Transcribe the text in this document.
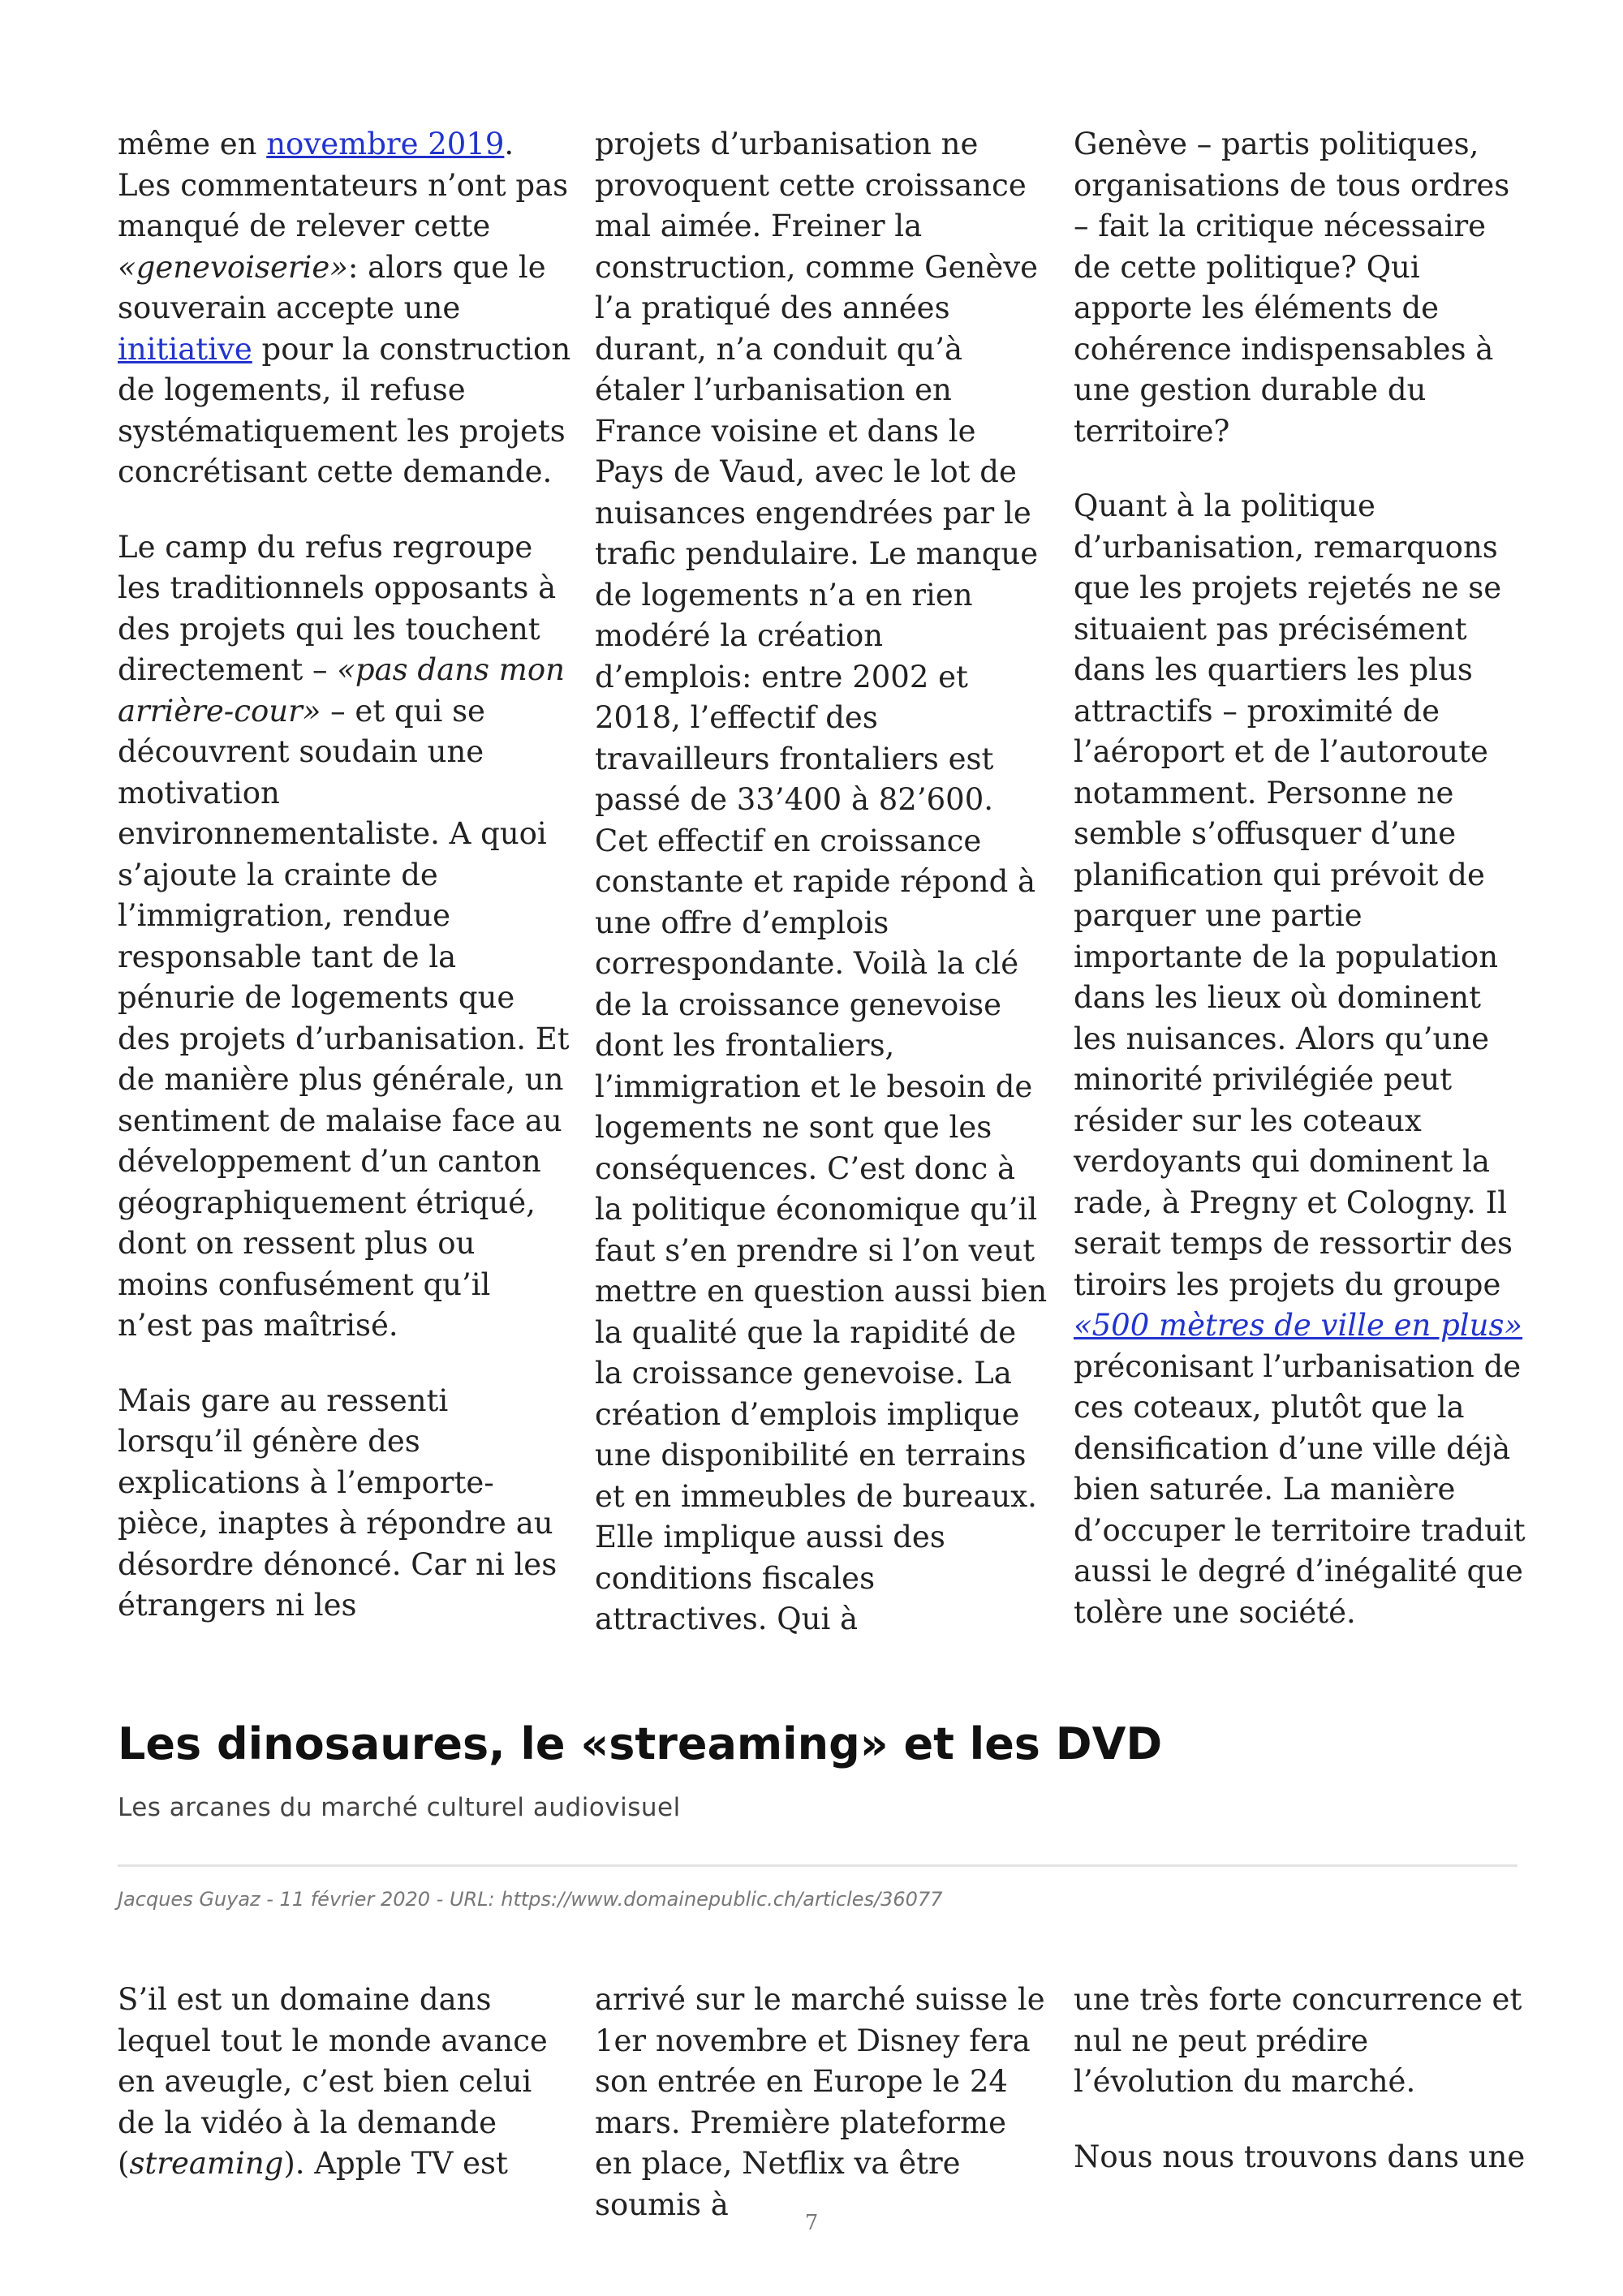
même en novembre 2019. Les commentateurs n’ont pas manqué de relever cette «genevoiserie»: alors que le souverain accepte une initiative pour la construction de logements, il refuse systématiquement les projets concrétisant cette demande.

Le camp du refus regroupe les traditionnels opposants à des projets qui les touchent directement – «pas dans mon arrière-cour» – et qui se découvrent soudain une motivation environnementaliste. A quoi s’ajoute la crainte de l’immigration, rendue responsable tant de la pénurie de logements que des projets d’urbanisation. Et de manière plus générale, un sentiment de malaise face au développement d’un canton géographiquement étriqué, dont on ressent plus ou moins confusément qu’il n’est pas maîtrisé.

Mais gare au ressenti lorsqu’il génère des explications à l’emporte-pièce, inaptes à répondre au désordre dénoncé. Car ni les étrangers ni les

projets d’urbanisation ne provoquent cette croissance mal aimée. Freiner la construction, comme Genève l’a pratiqué des années durant, n’a conduit qu’à étaler l’urbanisation en France voisine et dans le Pays de Vaud, avec le lot de nuisances engendrées par le trafic pendulaire. Le manque de logements n’a en rien modéré la création d’emplois: entre 2002 et 2018, l’effectif des travailleurs frontaliers est passé de 33’400 à 82’600. Cet effectif en croissance constante et rapide répond à une offre d’emplois correspondante. Voilà la clé de la croissance genevoise dont les frontaliers, l’immigration et le besoin de logements ne sont que les conséquences. C’est donc à la politique économique qu’il faut s’en prendre si l’on veut mettre en question aussi bien la qualité que la rapidité de la croissance genevoise. La création d’emplois implique une disponibilité en terrains et en immeubles de bureaux. Elle implique aussi des conditions fiscales attractives. Qui à

Genève – partis politiques, organisations de tous ordres – fait la critique nécessaire de cette politique? Qui apporte les éléments de cohérence indispensables à une gestion durable du territoire?

Quant à la politique d’urbanisation, remarquons que les projets rejetés ne se situaient pas précisément dans les quartiers les plus attractifs – proximité de l’aéroport et de l’autoroute notamment. Personne ne semble s’offusquer d’une planification qui prévoit de parquer une partie importante de la population dans les lieux où dominent les nuisances. Alors qu’une minorité privilégiée peut résider sur les coteaux verdoyants qui dominent la rade, à Pregny et Cologny. Il serait temps de ressortir des tiroirs les projets du groupe «500 mètres de ville en plus» préconisant l’urbanisation de ces coteaux, plutôt que la densification d’une ville déjà bien saturée. La manière d’occuper le territoire traduit aussi le degré d’inégalité que tolère une société.

Les dinosaures, le «streaming» et les DVD
Les arcanes du marché culturel audiovisuel
Jacques Guyaz - 11 février 2020 - URL: https://www.domainepublic.ch/articles/36077

S’il est un domaine dans lequel tout le monde avance en aveugle, c’est bien celui de la vidéo à la demande (streaming). Apple TV est

arrivé sur le marché suisse le 1er novembre et Disney fera son entrée en Europe le 24 mars. Première plateforme en place, Netflix va être soumis à

une très forte concurrence et nul ne peut prédire l’évolution du marché.

Nous nous trouvons dans une

7
